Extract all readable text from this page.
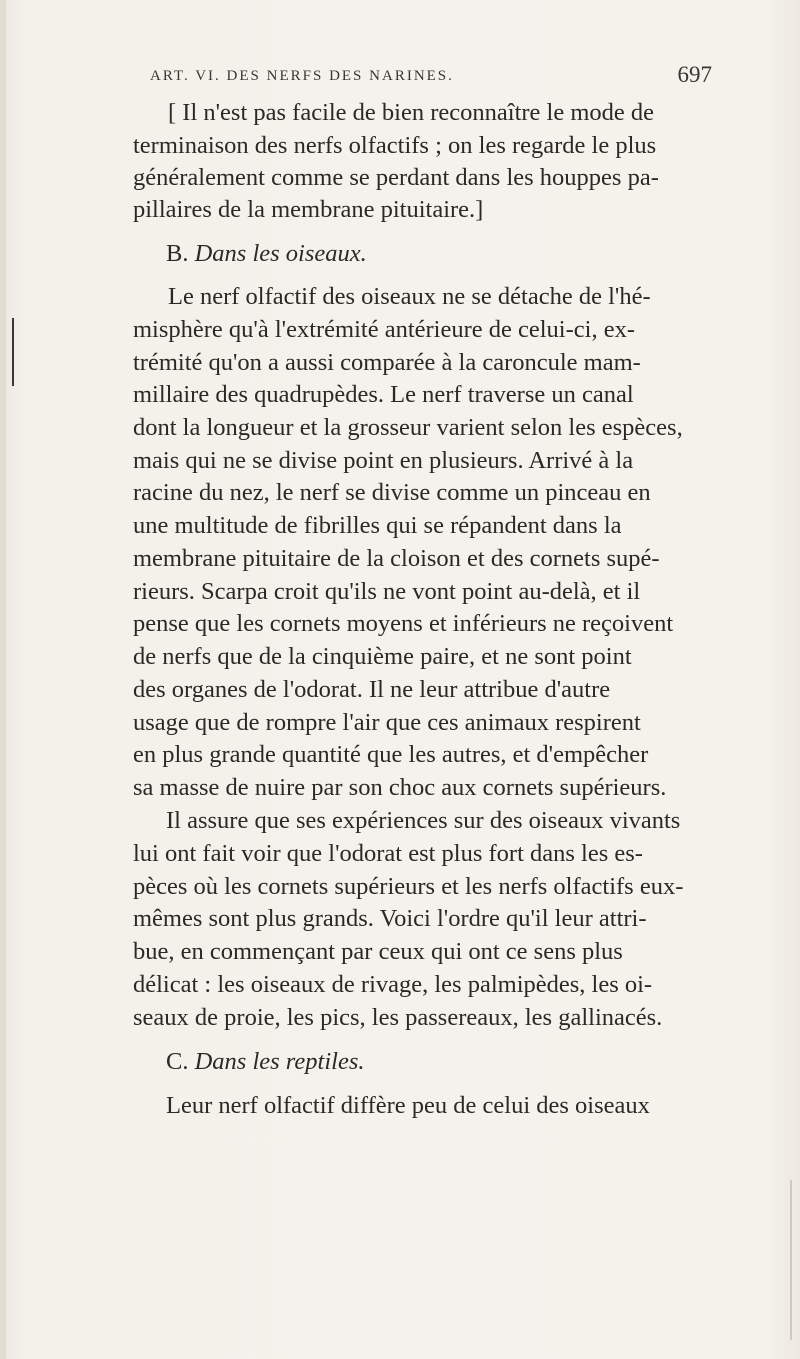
ART. VI. DES NERFS DES NARINES.	697
[ Il n'est pas facile de bien reconnaître le mode de
terminaison des nerfs olfactifs ; on les regarde le plus
généralement comme se perdant dans les houppes pa-
pillaires de la membrane pituitaire.]
B. Dans les oiseaux.
Le nerf olfactif des oiseaux ne se détache de l'hé-
misphère qu'à l'extrémité antérieure de celui-ci, ex-
trémité qu'on a aussi comparée à la caroncule mam-
millaire des quadrupèdes. Le nerf traverse un canal
dont la longueur et la grosseur varient selon les espèces,
mais qui ne se divise point en plusieurs. Arrivé à la
racine du nez, le nerf se divise comme un pinceau en
une multitude de fibrilles qui se répandent dans la
membrane pituitaire de la cloison et des cornets supé-
rieurs. Scarpa croit qu'ils ne vont point au-delà, et il
pense que les cornets moyens et inférieurs ne reçoivent
de nerfs que de la cinquième paire, et ne sont point
des organes de l'odorat. Il ne leur attribue d'autre
usage que de rompre l'air que ces animaux respirent
en plus grande quantité que les autres, et d'empêcher
sa masse de nuire par son choc aux cornets supérieurs.
Il assure que ses expériences sur des oiseaux vivants
lui ont fait voir que l'odorat est plus fort dans les es-
pèces où les cornets supérieurs et les nerfs olfactifs eux-
mêmes sont plus grands. Voici l'ordre qu'il leur attri-
bue, en commençant par ceux qui ont ce sens plus
délicat : les oiseaux de rivage, les palmipèdes, les oi-
seaux de proie, les pics, les passereaux, les gallinacés.
C. Dans les reptiles.
Leur nerf olfactif diffère peu de celui des oiseaux
